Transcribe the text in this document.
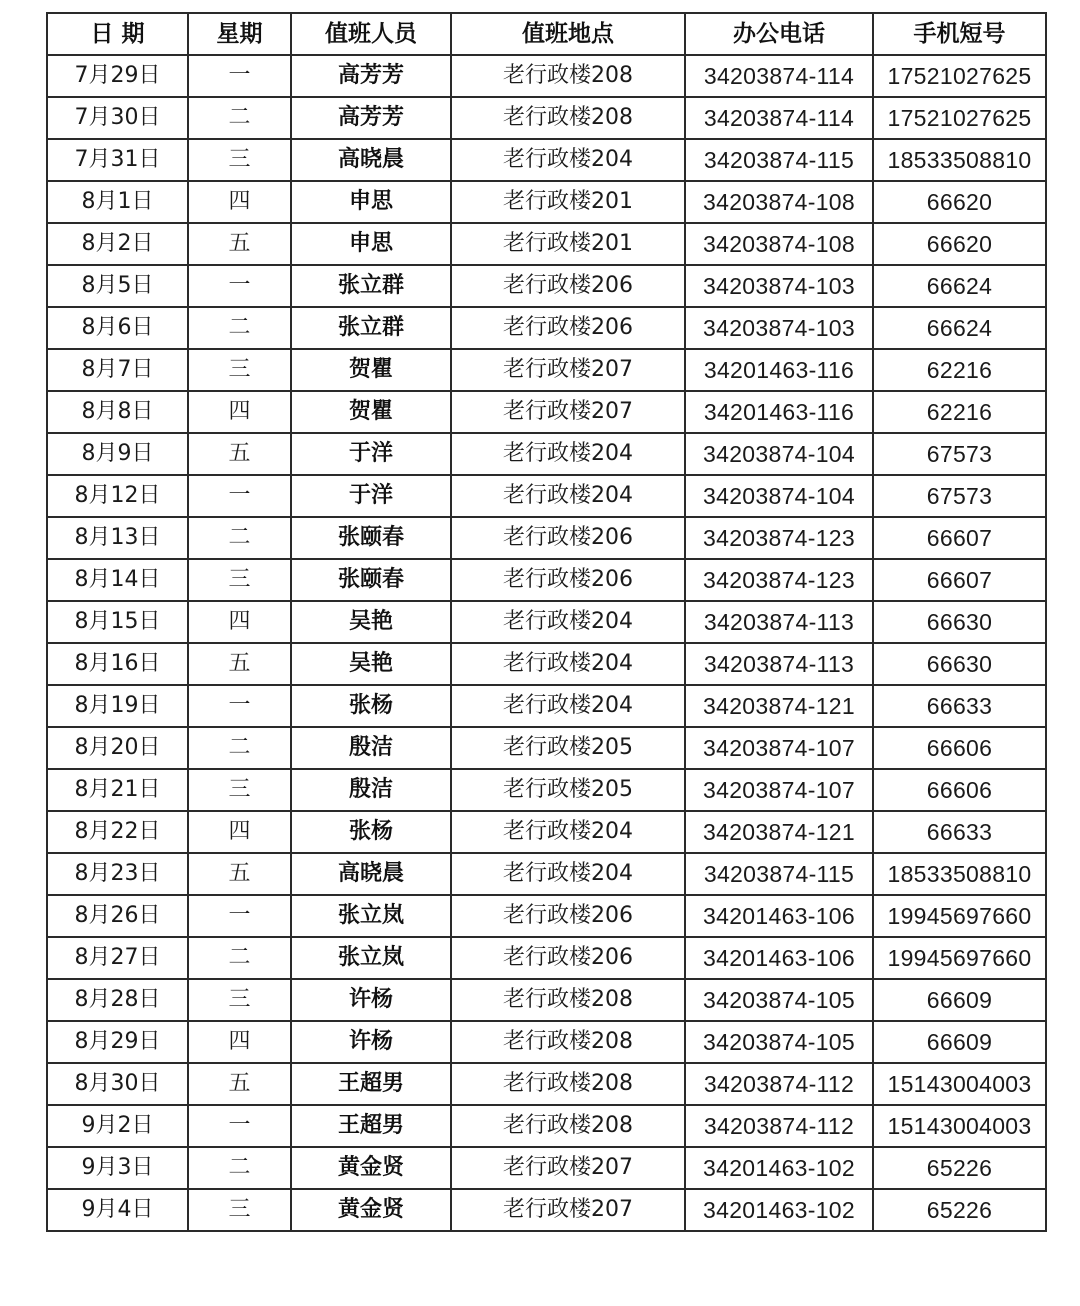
日 期	星期	值班人员	值班地点	办公电话	手机短号
7月29日	一	高芳芳	老行政楼208	34203874-114	17521027625
7月30日	二	高芳芳	老行政楼208	34203874-114	17521027625
7月31日	三	高晓晨	老行政楼204	34203874-115	18533508810
8月1日	四	申思	老行政楼201	34203874-108	66620
8月2日	五	申思	老行政楼201	34203874-108	66620
8月5日	一	张立群	老行政楼206	34203874-103	66624
8月6日	二	张立群	老行政楼206	34203874-103	66624
8月7日	三	贺瞿	老行政楼207	34201463-116	62216
8月8日	四	贺瞿	老行政楼207	34201463-116	62216
8月9日	五	于洋	老行政楼204	34203874-104	67573
8月12日	一	于洋	老行政楼204	34203874-104	67573
8月13日	二	张颐春	老行政楼206	34203874-123	66607
8月14日	三	张颐春	老行政楼206	34203874-123	66607
8月15日	四	吴艳	老行政楼204	34203874-113	66630
8月16日	五	吴艳	老行政楼204	34203874-113	66630
8月19日	一	张杨	老行政楼204	34203874-121	66633
8月20日	二	殷洁	老行政楼205	34203874-107	66606
8月21日	三	殷洁	老行政楼205	34203874-107	66606
8月22日	四	张杨	老行政楼204	34203874-121	66633
8月23日	五	高晓晨	老行政楼204	34203874-115	18533508810
8月26日	一	张立岚	老行政楼206	34201463-106	19945697660
8月27日	二	张立岚	老行政楼206	34201463-106	19945697660
8月28日	三	许杨	老行政楼208	34203874-105	66609
8月29日	四	许杨	老行政楼208	34203874-105	66609
8月30日	五	王超男	老行政楼208	34203874-112	15143004003
9月2日	一	王超男	老行政楼208	34203874-112	15143004003
9月3日	二	黄金贤	老行政楼207	34201463-102	65226
9月4日	三	黄金贤	老行政楼207	34201463-102	65226
